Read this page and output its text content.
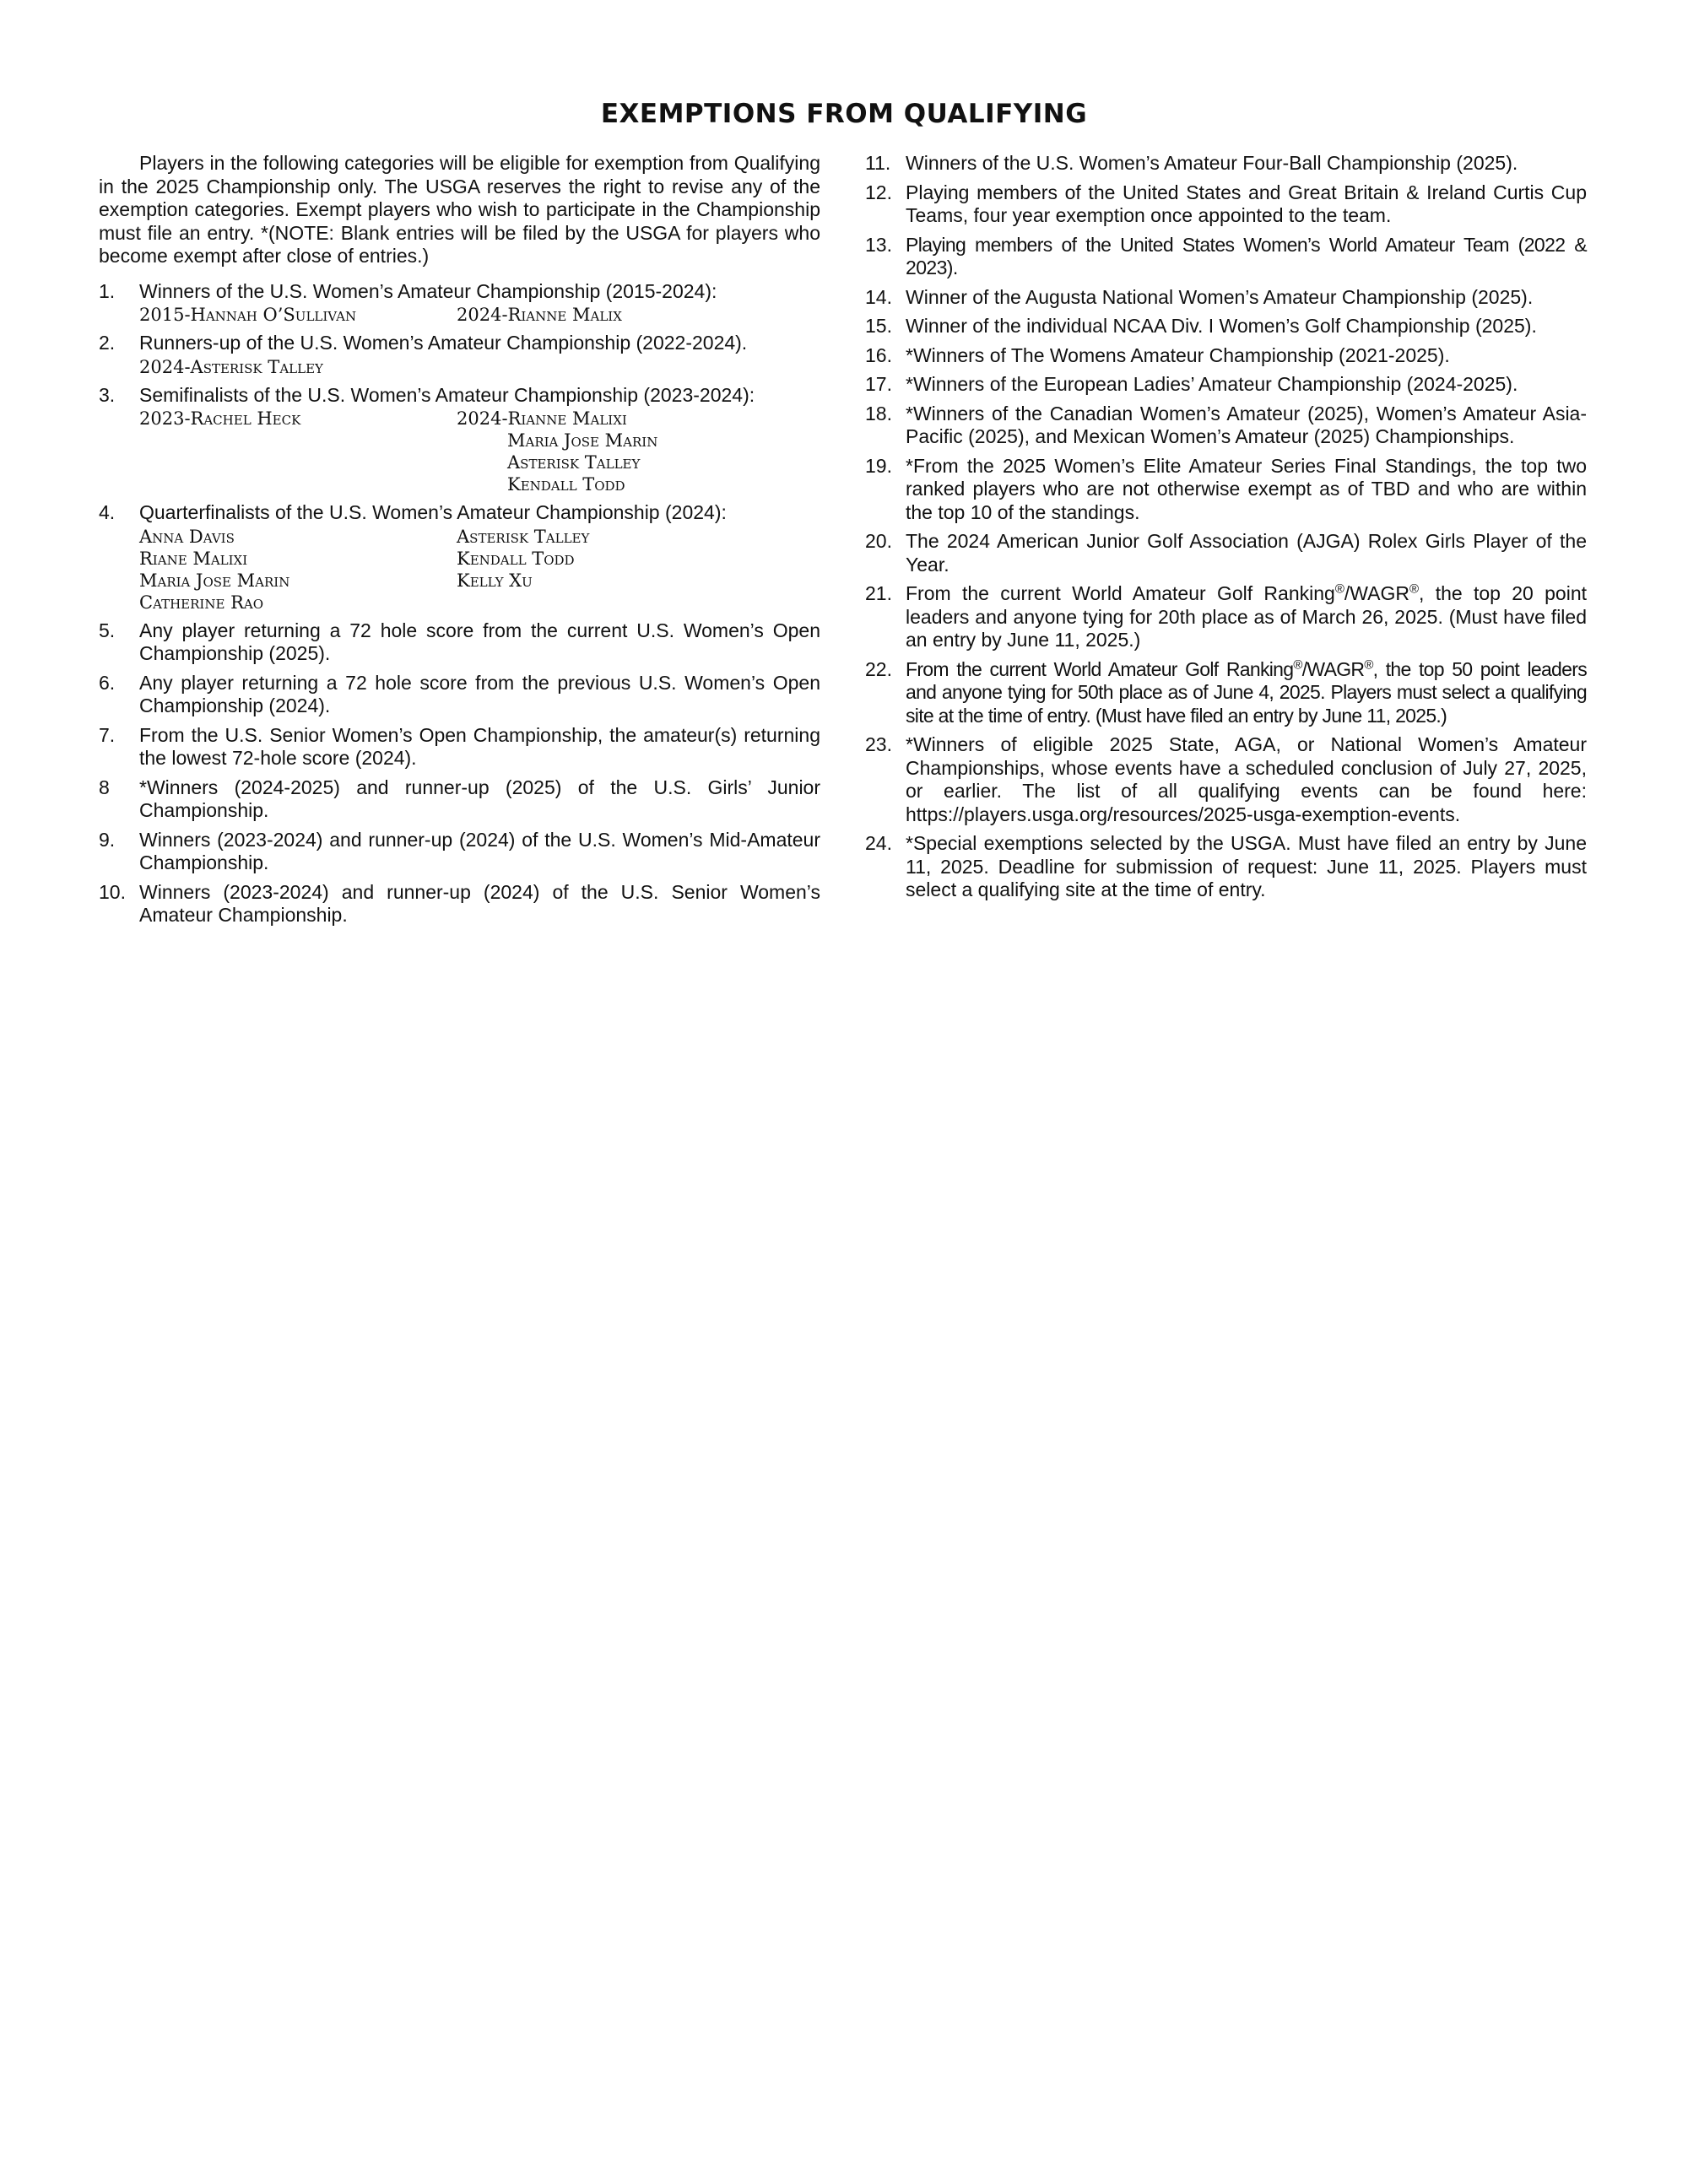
EXEMPTIONS FROM QUALIFYING

Players in the following categories will be eligible for exemption from Qualifying in the 2025 Championship only. The USGA reserves the right to revise any of the exemption categories. Exempt players who wish to participate in the Championship must file an entry. *(NOTE: Blank entries will be filed by the USGA for players who become exempt after close of entries.)

1. Winners of the U.S. Women’s Amateur Championship (2015-2024):
2015-Hannah O’Sullivan	2024-Rianne Malix
2. Runners-up of the U.S. Women’s Amateur Championship (2022-2024).
2024-Asterisk Talley
3. Semifinalists of the U.S. Women’s Amateur Championship (2023-2024):
2023-Rachel Heck	2024-Rianne Malixi
Maria Jose Marin
Asterisk Talley
Kendall Todd
4. Quarterfinalists of the U.S. Women’s Amateur Championship (2024):
Anna Davis	Asterisk Talley
Riane Malixi	Kendall Todd
Maria Jose Marin	Kelly Xu
Catherine Rao
5. Any player returning a 72 hole score from the current U.S. Women’s Open Championship (2025).
6. Any player returning a 72 hole score from the previous U.S. Women’s Open Championship (2024).
7. From the U.S. Senior Women’s Open Championship, the amateur(s) returning the lowest 72-hole score (2024).
8 *Winners (2024-2025) and runner-up (2025) of the U.S. Girls’ Junior Championship.
9. Winners (2023-2024) and runner-up (2024) of the U.S. Women’s Mid-Amateur Championship.
10. Winners (2023-2024) and runner-up (2024) of the U.S. Senior Women’s Amateur Championship.
11. Winners of the U.S. Women’s Amateur Four-Ball Championship (2025).
12. Playing members of the United States and Great Britain & Ireland Curtis Cup Teams, four year exemption once appointed to the team.
13. Playing members of the United States Women’s World Amateur Team (2022 & 2023).
14. Winner of the Augusta National Women’s Amateur Championship (2025).
15. Winner of the individual NCAA Div. I Women’s Golf Championship (2025).
16. *Winners of The Womens Amateur Championship (2021-2025).
17. *Winners of the European Ladies’ Amateur Championship (2024-2025).
18. *Winners of the Canadian Women’s Amateur (2025), Women’s Amateur Asia-Pacific (2025), and Mexican Women’s Amateur (2025) Championships.
19. *From the 2025 Women’s Elite Amateur Series Final Standings, the top two ranked players who are not otherwise exempt as of TBD and who are within the top 10 of the standings.
20. The 2024 American Junior Golf Association (AJGA) Rolex Girls Player of the Year.
21. From the current World Amateur Golf Ranking®/WAGR®, the top 20 point leaders and anyone tying for 20th place as of March 26, 2025. (Must have filed an entry by June 11, 2025.)
22. From the current World Amateur Golf Ranking®/WAGR®, the top 50 point leaders and anyone tying for 50th place as of June 4, 2025. Players must select a qualifying site at the time of entry. (Must have filed an entry by June 11, 2025.)
23. *Winners of eligible 2025 State, AGA, or National Women’s Amateur Championships, whose events have a scheduled conclusion of July 27, 2025, or earlier. The list of all qualifying events can be found here: https://players.usga.org/resources/2025-usga-exemption-events.
24. *Special exemptions selected by the USGA. Must have filed an entry by June 11, 2025. Deadline for submission of request: June 11, 2025. Players must select a qualifying site at the time of entry.
